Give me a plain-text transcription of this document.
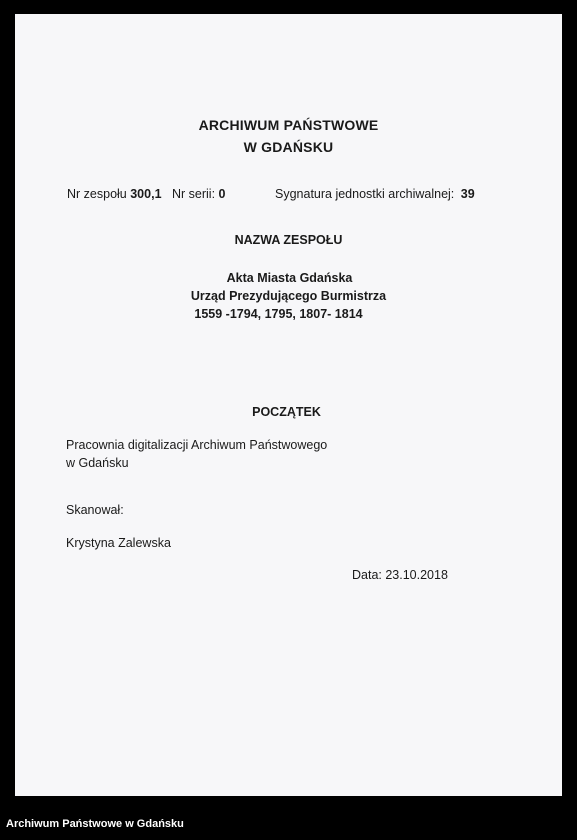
ARCHIWUM PAŃSTWOWE
W GDAŃSKU
Nr zespołu 300,1 Nr serii: 0	Sygnatura jednostki archiwalnej: 39
NAZWA ZESPOŁU
Akta Miasta Gdańska
Urząd Prezydującego Burmistrza
1559 -1794, 1795, 1807- 1814
POCZĄTEK
Pracownia digitalizacji Archiwum Państwowego
w Gdańsku
Skanował:
Krystyna Zalewska
Data: 23.10.2018
Archiwum Państwowe w Gdańsku
